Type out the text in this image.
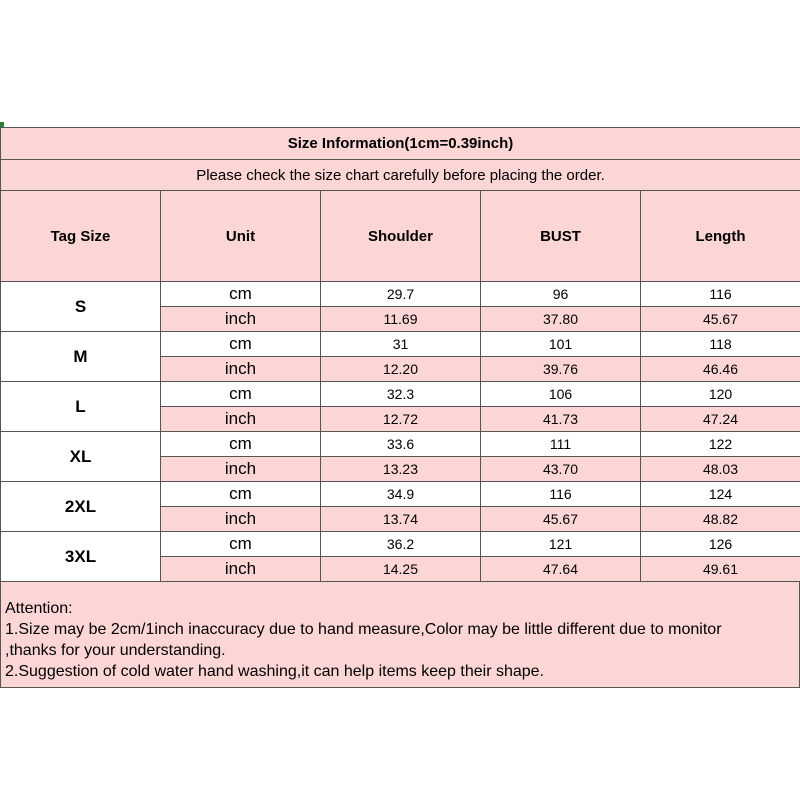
Size Information(1cm=0.39inch)				
Please check the size chart carefully before placing the order.				
Tag Size	Unit	Shoulder	BUST	Length
S	cm	29.7	96	116
	inch	11.69	37.80	45.67
M	cm	31	101	118
	inch	12.20	39.76	46.46
L	cm	32.3	106	120
	inch	12.72	41.73	47.24
XL	cm	33.6	111	122
	inch	13.23	43.70	48.03
2XL	cm	34.9	116	124
	inch	13.74	45.67	48.82
3XL	cm	36.2	121	126
	inch	14.25	47.64	49.61
Attention:
1.Size may be 2cm/1inch inaccuracy due to hand measure,Color may be little different due to monitor
,thanks for your understanding.
2.Suggestion of cold water hand washing,it can help items keep their shape.
